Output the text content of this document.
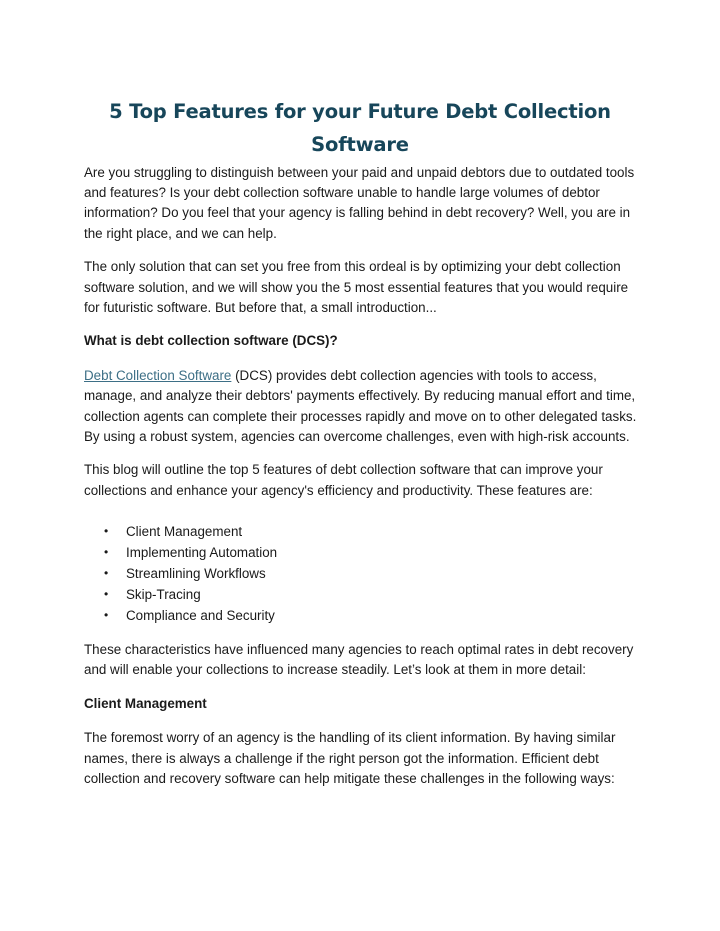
5 Top Features for your Future Debt Collection
Software

Are you struggling to distinguish between your paid and unpaid debtors due to outdated tools and features? Is your debt collection software unable to handle large volumes of debtor information? Do you feel that your agency is falling behind in debt recovery? Well, you are in the right place, and we can help.

The only solution that can set you free from this ordeal is by optimizing your debt collection software solution, and we will show you the 5 most essential features that you would require for futuristic software. But before that, a small introduction...

What is debt collection software (DCS)?

Debt Collection Software (DCS) provides debt collection agencies with tools to access, manage, and analyze their debtors' payments effectively. By reducing manual effort and time, collection agents can complete their processes rapidly and move on to other delegated tasks. By using a robust system, agencies can overcome challenges, even with high-risk accounts.

This blog will outline the top 5 features of debt collection software that can improve your collections and enhance your agency's efficiency and productivity. These features are:

• Client Management
• Implementing Automation
• Streamlining Workflows
• Skip-Tracing
• Compliance and Security

These characteristics have influenced many agencies to reach optimal rates in debt recovery and will enable your collections to increase steadily. Let’s look at them in more detail:

Client Management

The foremost worry of an agency is the handling of its client information. By having similar names, there is always a challenge if the right person got the information. Efficient debt collection and recovery software can help mitigate these challenges in the following ways:
